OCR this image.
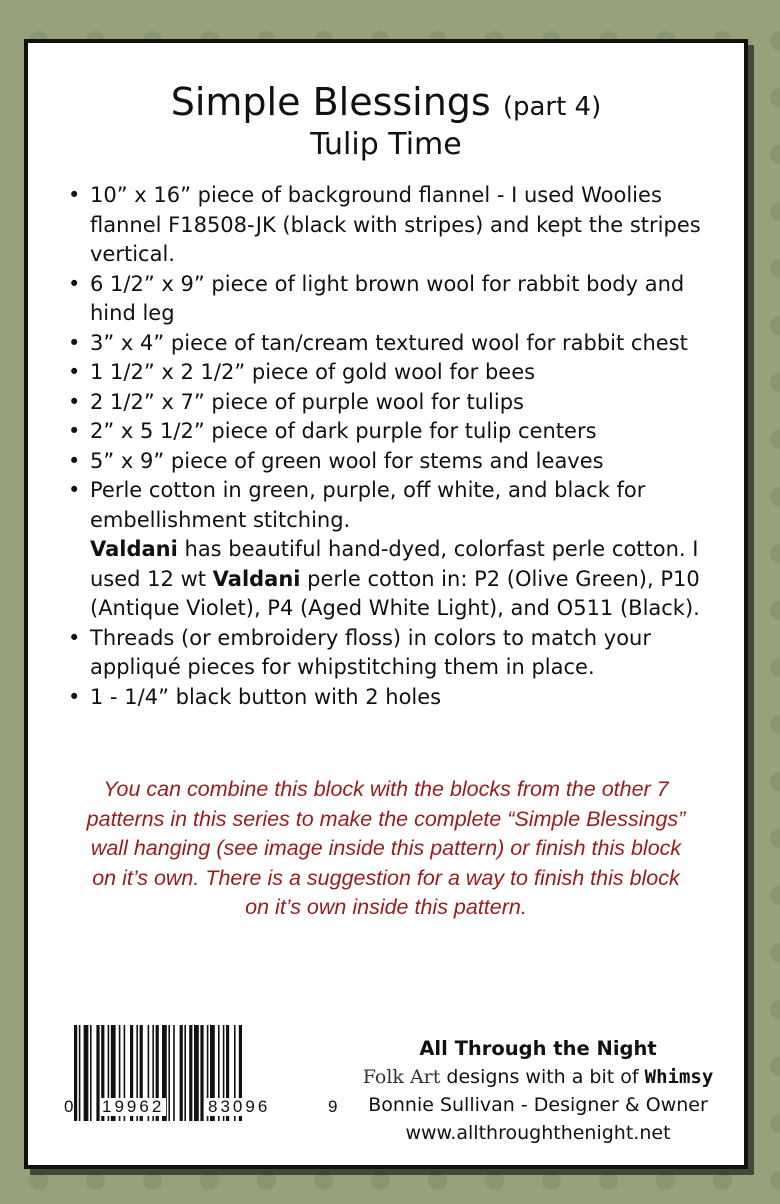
Simple Blessings (part 4)
Tulip Time
• 10” x 16” piece of background flannel - I used Woolies flannel F18508-JK (black with stripes) and kept the stripes vertical.
• 6 1/2” x 9” piece of light brown wool for rabbit body and hind leg
• 3” x 4” piece of tan/cream textured wool for rabbit chest
• 1 1/2” x 2 1/2” piece of gold wool for bees
• 2 1/2” x 7” piece of purple wool for tulips
• 2” x 5 1/2” piece of dark purple for tulip centers
• 5” x 9” piece of green wool for stems and leaves
• Perle cotton in green, purple, off white, and black for embellishment stitching.
Valdani has beautiful hand-dyed, colorfast perle cotton. I used 12 wt Valdani perle cotton in: P2 (Olive Green), P10 (Antique Violet), P4 (Aged White Light), and O511 (Black).
• Threads (or embroidery floss) in colors to match your appliqué pieces for whipstitching them in place.
• 1 - 1/4” black button with 2 holes
You can combine this block with the blocks from the other 7 patterns in this series to make the complete “Simple Blessings” wall hanging (see image inside this pattern) or finish this block on it’s own. There is a suggestion for a way to finish this block on it’s own inside this pattern.
0 19962	83096	9
All Through the Night
Folk Art designs with a bit of Whimsy
Bonnie Sullivan - Designer & Owner
www.allthroughthenight.net
